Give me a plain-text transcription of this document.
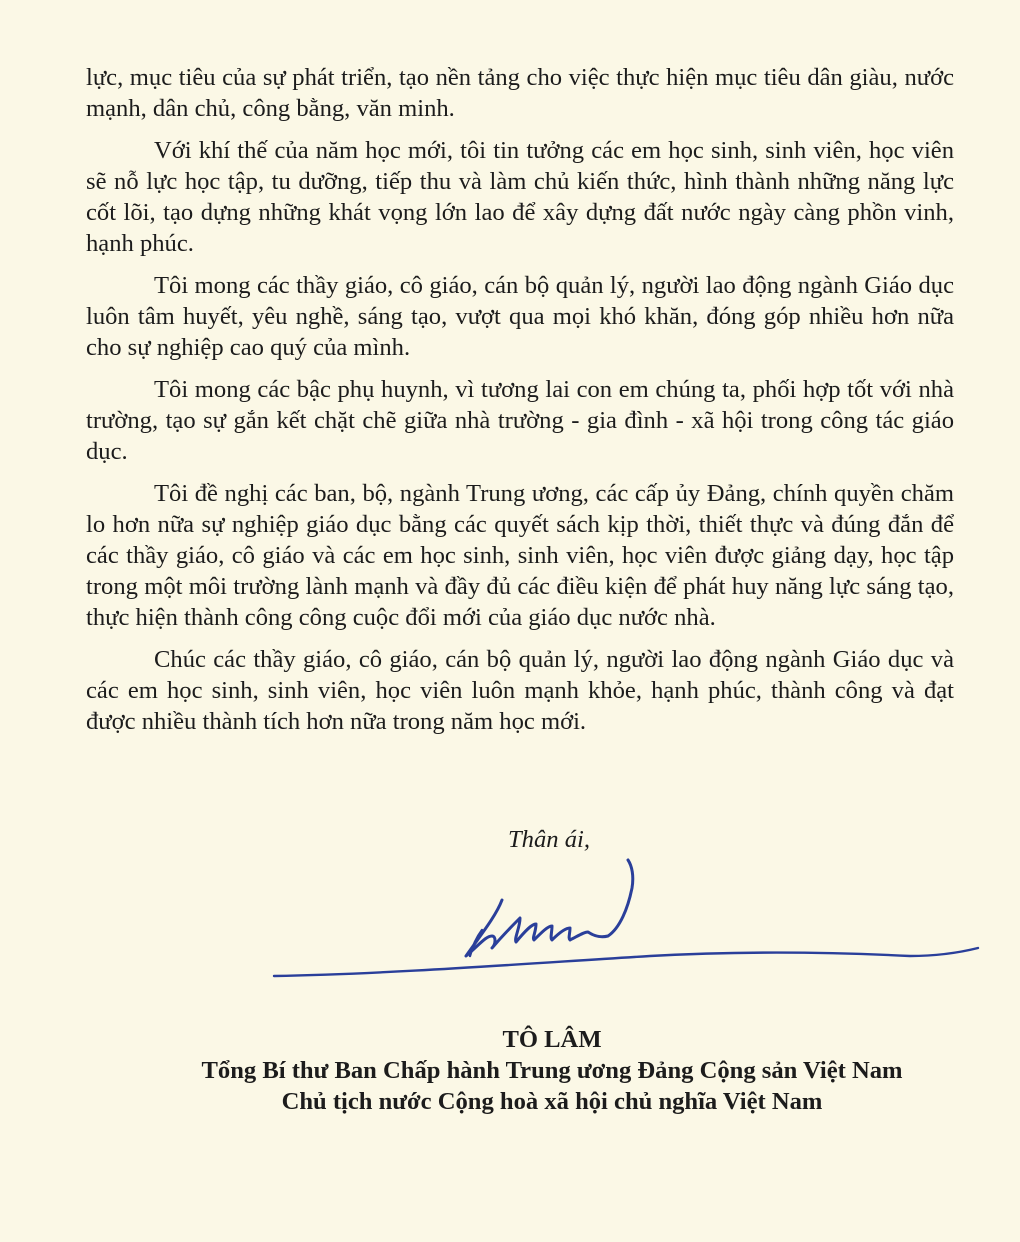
lực, mục tiêu của sự phát triển, tạo nền tảng cho việc thực hiện mục tiêu dân giàu, nước mạnh, dân chủ, công bằng, văn minh.

Với khí thế của năm học mới, tôi tin tưởng các em học sinh, sinh viên, học viên sẽ nỗ lực học tập, tu dưỡng, tiếp thu và làm chủ kiến thức, hình thành những năng lực cốt lõi, tạo dựng những khát vọng lớn lao để xây dựng đất nước ngày càng phồn vinh, hạnh phúc.

Tôi mong các thầy giáo, cô giáo, cán bộ quản lý, người lao động ngành Giáo dục luôn tâm huyết, yêu nghề, sáng tạo, vượt qua mọi khó khăn, đóng góp nhiều hơn nữa cho sự nghiệp cao quý của mình.

Tôi mong các bậc phụ huynh, vì tương lai con em chúng ta, phối hợp tốt với nhà trường, tạo sự gắn kết chặt chẽ giữa nhà trường - gia đình - xã hội trong công tác giáo dục.

Tôi đề nghị các ban, bộ, ngành Trung ương, các cấp ủy Đảng, chính quyền chăm lo hơn nữa sự nghiệp giáo dục bằng các quyết sách kịp thời, thiết thực và đúng đắn để các thầy giáo, cô giáo và các em học sinh, sinh viên, học viên được giảng dạy, học tập trong một môi trường lành mạnh và đầy đủ các điều kiện để phát huy năng lực sáng tạo, thực hiện thành công công cuộc đổi mới của giáo dục nước nhà.

Chúc các thầy giáo, cô giáo, cán bộ quản lý, người lao động ngành Giáo dục và các em học sinh, sinh viên, học viên luôn mạnh khỏe, hạnh phúc, thành công và đạt được nhiều thành tích hơn nữa trong năm học mới.

Thân ái,

TÔ LÂM

Tổng Bí thư Ban Chấp hành Trung ương Đảng Cộng sản Việt Nam

Chủ tịch nước Cộng hoà xã hội chủ nghĩa Việt Nam
